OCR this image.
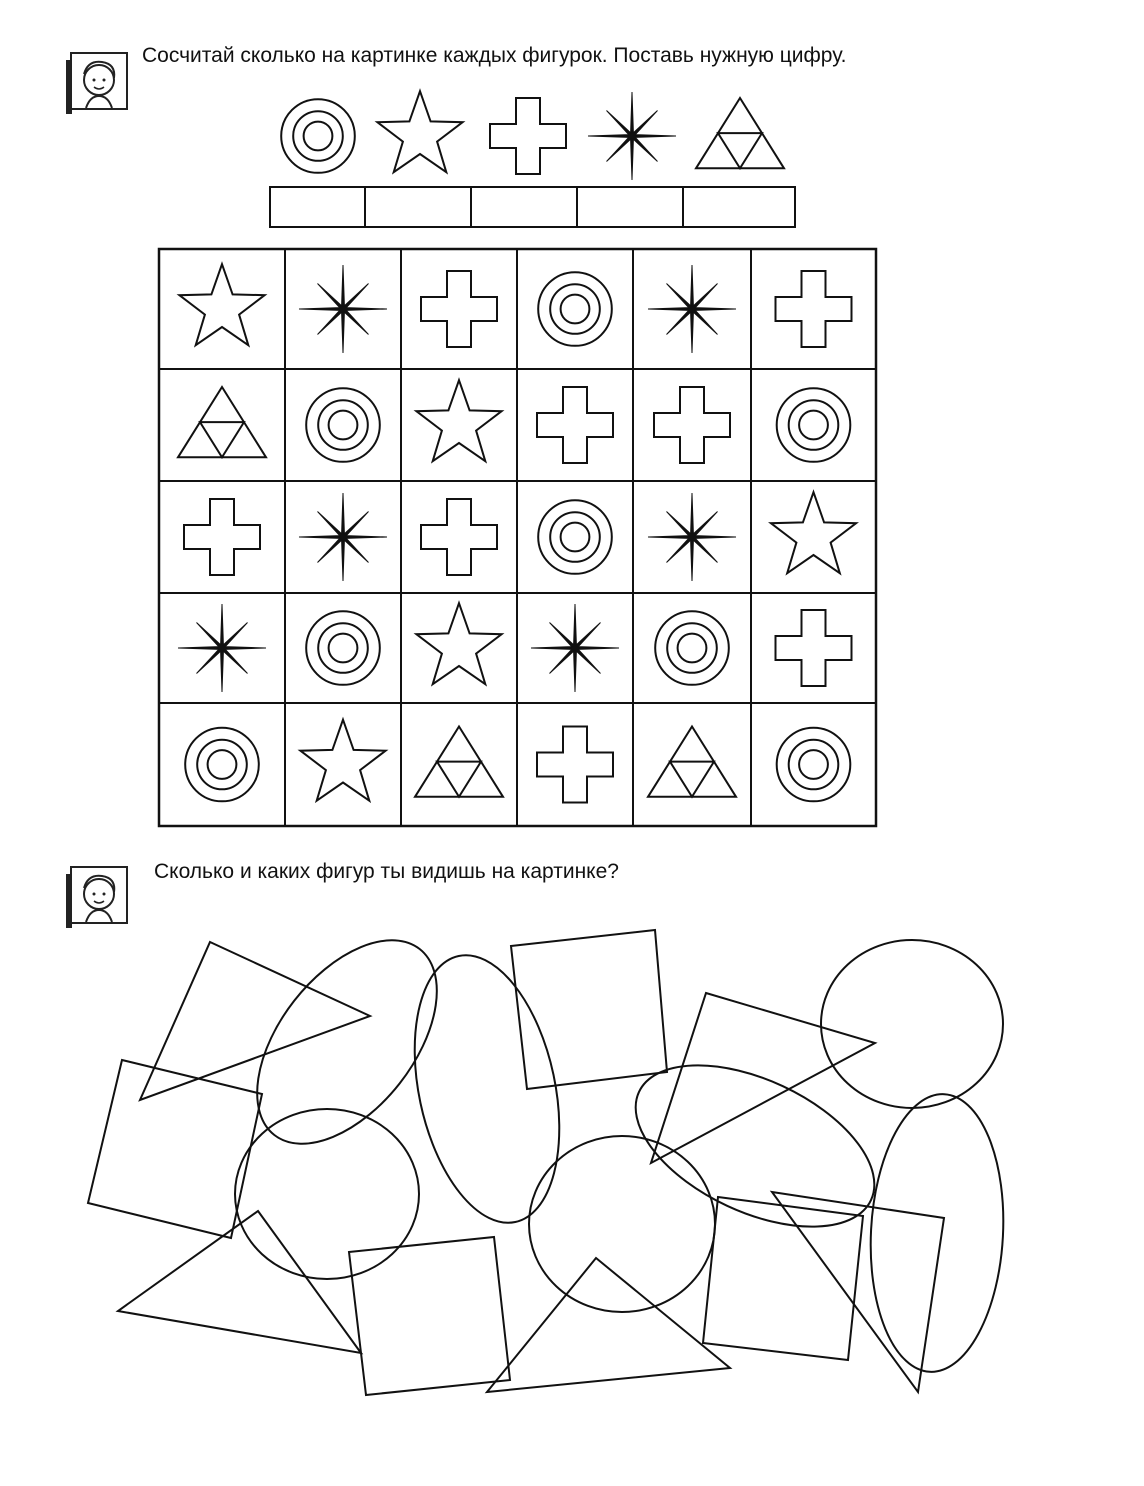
Сосчитай сколько на картинке каждых фигурок. Поставь нужную цифру.
Сколько и каких фигур ты видишь на картинке?
